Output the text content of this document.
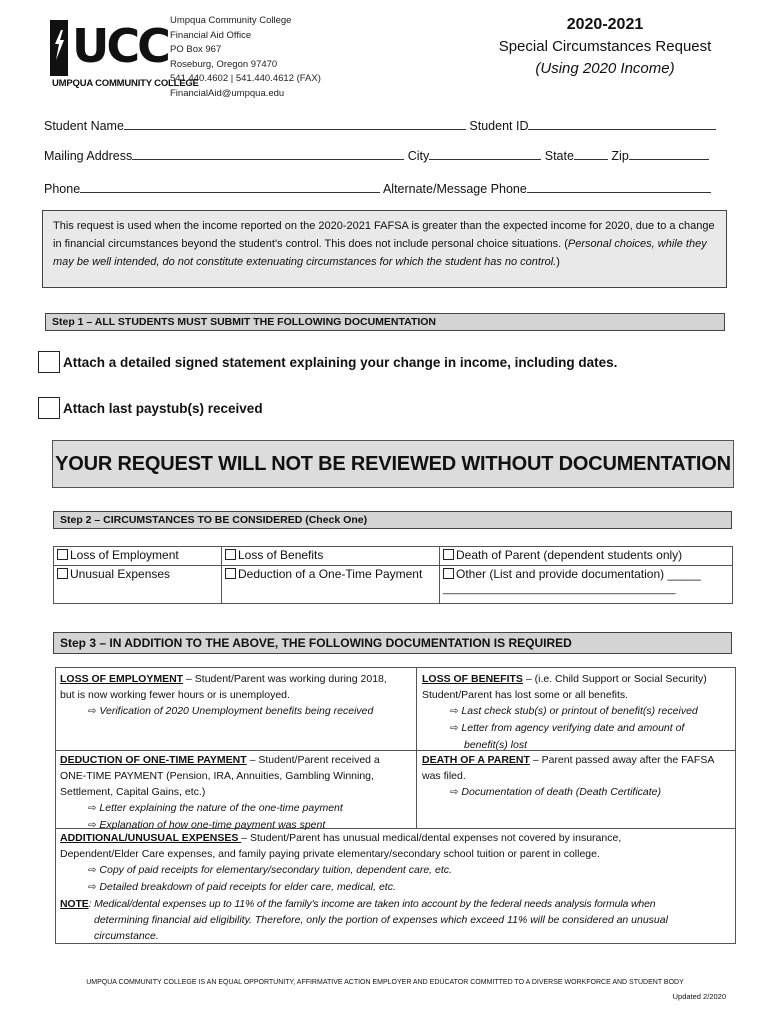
UCC
UMPQUA COMMUNITY COLLEGE
Umpqua Community College
Financial Aid Office
PO Box 967
Roseburg, Oregon 97470
541.440.4602 | 541.440.4612 (FAX)
FinancialAid@umpqua.edu
2020-2021
Special Circumstances Request
(Using 2020 Income)
Student Name	Student ID
Mailing Address	City	State	Zip
Phone	Alternate/Message Phone
This request is used when the income reported on the 2020-2021 FAFSA is greater than the expected income for 2020, due to a change in financial circumstances beyond the student's control. This does not include personal choice situations. (Personal choices, while they may be well intended, do not constitute extenuating circumstances for which the student has no control.)
Step 1 – ALL STUDENTS MUST SUBMIT THE FOLLOWING DOCUMENTATION
Attach a detailed signed statement explaining your change in income, including dates.
Attach last paystub(s) received
YOUR REQUEST WILL NOT BE REVIEWED WITHOUT DOCUMENTATION
Step 2 – CIRCUMSTANCES TO BE CONSIDERED (Check One)
Loss of Employment	Loss of Benefits	Death of Parent (dependent students only)
Unusual Expenses	Deduction of a One-Time Payment	Other (List and provide documentation) _____
______________________________________
Step 3 – IN ADDITION TO THE ABOVE, THE FOLLOWING DOCUMENTATION IS REQUIRED
LOSS OF EMPLOYMENT – Student/Parent was working during 2018,
but is now working fewer hours or is unemployed.
⇨ Verification of 2020 Unemployment benefits being received
LOSS OF BENEFITS – (i.e. Child Support or Social Security)
Student/Parent has lost some or all benefits.
⇨ Last check stub(s) or printout of benefit(s) received
⇨ Letter from agency verifying date and amount of
benefit(s) lost
DEDUCTION OF ONE-TIME PAYMENT – Student/Parent received a
ONE-TIME PAYMENT (Pension, IRA, Annuities, Gambling Winning,
Settlement, Capital Gains, etc.)
⇨ Letter explaining the nature of the one-time payment
⇨ Explanation of how one-time payment was spent
DEATH OF A PARENT – Parent passed away after the FAFSA
was filed.
⇨ Documentation of death (Death Certificate)
ADDITIONAL/UNUSUAL EXPENSES – Student/Parent has unusual medical/dental expenses not covered by insurance,
Dependent/Elder Care expenses, and family paying private elementary/secondary school tuition or parent in college.
⇨ Copy of paid receipts for elementary/secondary tuition, dependent care, etc.
⇨ Detailed breakdown of paid receipts for elder care, medical, etc.
NOTE: Medical/dental expenses up to 11% of the family's income are taken into account by the federal needs analysis formula when
determining financial aid eligibility. Therefore, only the portion of expenses which exceed 11% will be considered an unusual
circumstance.
UMPQUA COMMUNITY COLLEGE IS AN EQUAL OPPORTUNITY, AFFIRMATIVE ACTION EMPLOYER AND EDUCATOR COMMITTED TO A DIVERSE WORKFORCE AND STUDENT BODY
Updated 2/2020
